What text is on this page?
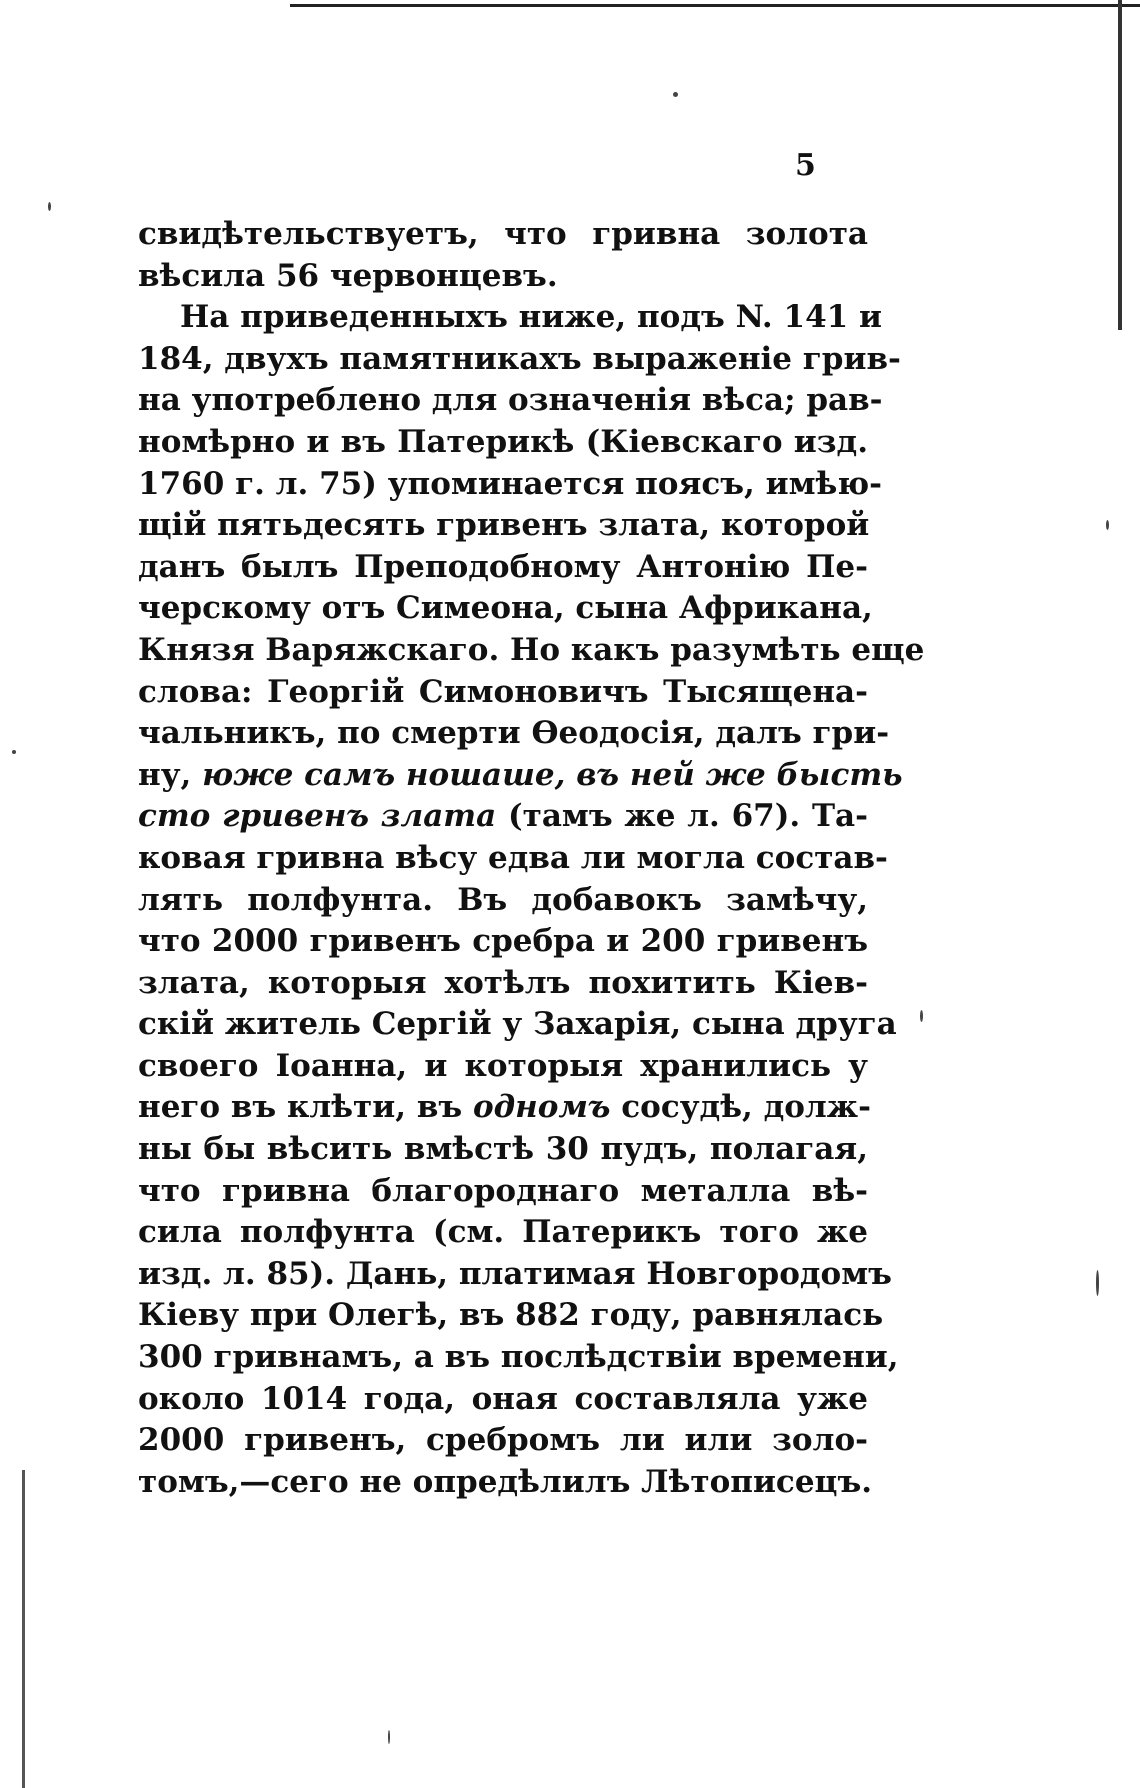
5
свидѣтельствуетъ, что гривна золота
вѣсила 56 червонцевъ.
На приведенныхъ ниже, подъ N. 141 и
184, двухъ памятникахъ выраженіе грив-
на употреблено для означенія вѣса; рав-
номѣрно и въ Патерикѣ (Кіевскаго изд.
1760 г. л. 75) упоминается поясъ, имѣю-
щій пятьдесять гривенъ злата, которой
данъ былъ Преподобному Антонію Пе-
черскому отъ Симеона, сына Африкана,
Князя Варяжскаго. Но какъ разумѣть еще
слова: Георгій Симоновичъ Тысящена-
чальникъ, по смерти Ѳеодосія, далъ гри-
ну, юже самъ ношаше, въ ней же бысть
сто гривенъ злата (тамъ же л. 67). Та-
ковая гривна вѣсу едва ли могла состав-
лять полфунта. Въ добавокъ замѣчу,
что 2000 гривенъ сребра и 200 гривенъ
злата, которыя хотѣлъ похитить Кіев-
скій житель Сергій у Захарія, сына друга
своего Іоанна, и которыя хранились у
него въ клѣти, въ одномъ сосудѣ, долж-
ны бы вѣсить вмѣстѣ 30 пудъ, полагая,
что гривна благороднаго металла вѣ-
сила полфунта (см. Патерикъ того же
изд. л. 85). Дань, платимая Новгородомъ
Кіеву при Олегѣ, въ 882 году, равнялась
300 гривнамъ, а въ послѣдствіи времени,
около 1014 года, оная составляла уже
2000 гривенъ, сребромъ ли или золо-
томъ,—сего не опредѣлилъ Лѣтописецъ.
